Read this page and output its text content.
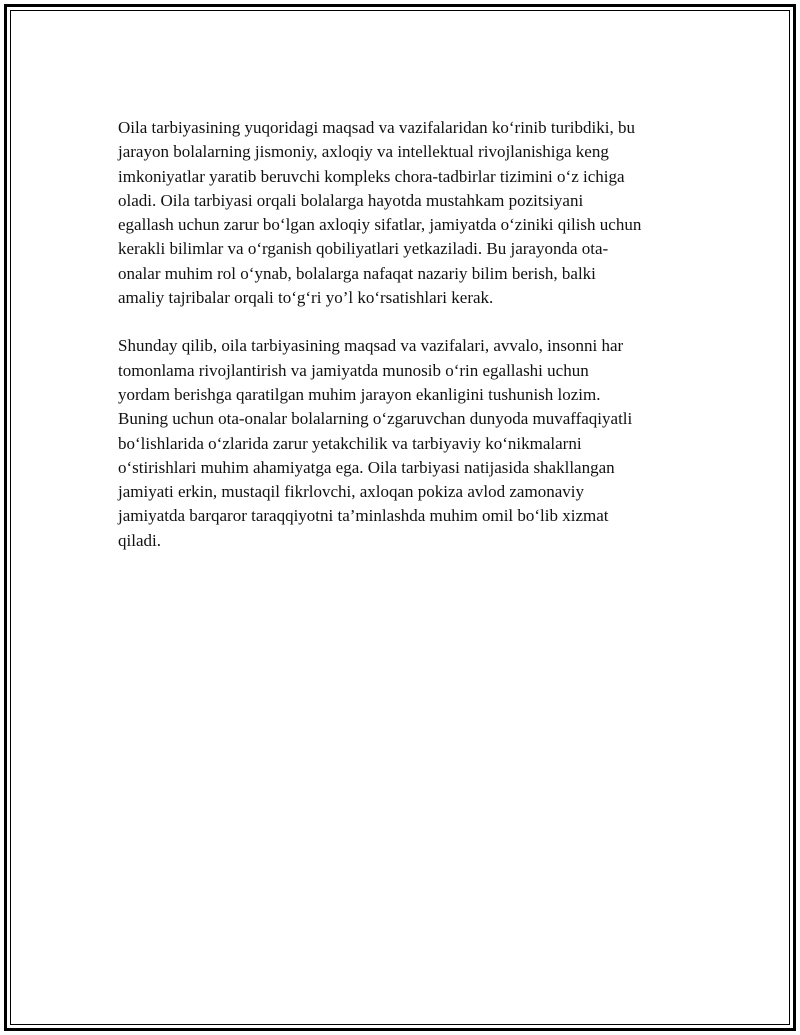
Oila tarbiyasining yuqoridagi maqsad va vazifalaridan ko‘rinib turibdiki, bu
jarayon bolalarning jismoniy, axloqiy va intellektual rivojlanishiga keng
imkoniyatlar yaratib beruvchi kompleks chora-tadbirlar tizimini o‘z ichiga
oladi. Oila tarbiyasi orqali bolalarga hayotda mustahkam pozitsiyani
egallash uchun zarur bo‘lgan axloqiy sifatlar, jamiyatda o‘ziniki qilish uchun
kerakli bilimlar va o‘rganish qobiliyatlari yetkaziladi. Bu jarayonda ota-
onalar muhim rol o‘ynab, bolalarga nafaqat nazariy bilim berish, balki
amaliy tajribalar orqali to‘g‘ri yo’l ko‘rsatishlari kerak.

Shunday qilib, oila tarbiyasining maqsad va vazifalari, avvalo, insonni har
tomonlama rivojlantirish va jamiyatda munosib o‘rin egallashi uchun
yordam berishga qaratilgan muhim jarayon ekanligini tushunish lozim.
Buning uchun ota-onalar bolalarning o‘zgaruvchan dunyoda muvaffaqiyatli
bo‘lishlarida o‘zlarida zarur yetakchilik va tarbiyaviy ko‘nikmalarni
o‘stirishlari muhim ahamiyatga ega. Oila tarbiyasi natijasida shakllangan
jamiyati erkin, mustaqil fikrlovchi, axloqan pokiza avlod zamonaviy
jamiyatda barqaror taraqqiyotni ta’minlashda muhim omil bo‘lib xizmat
qiladi.
